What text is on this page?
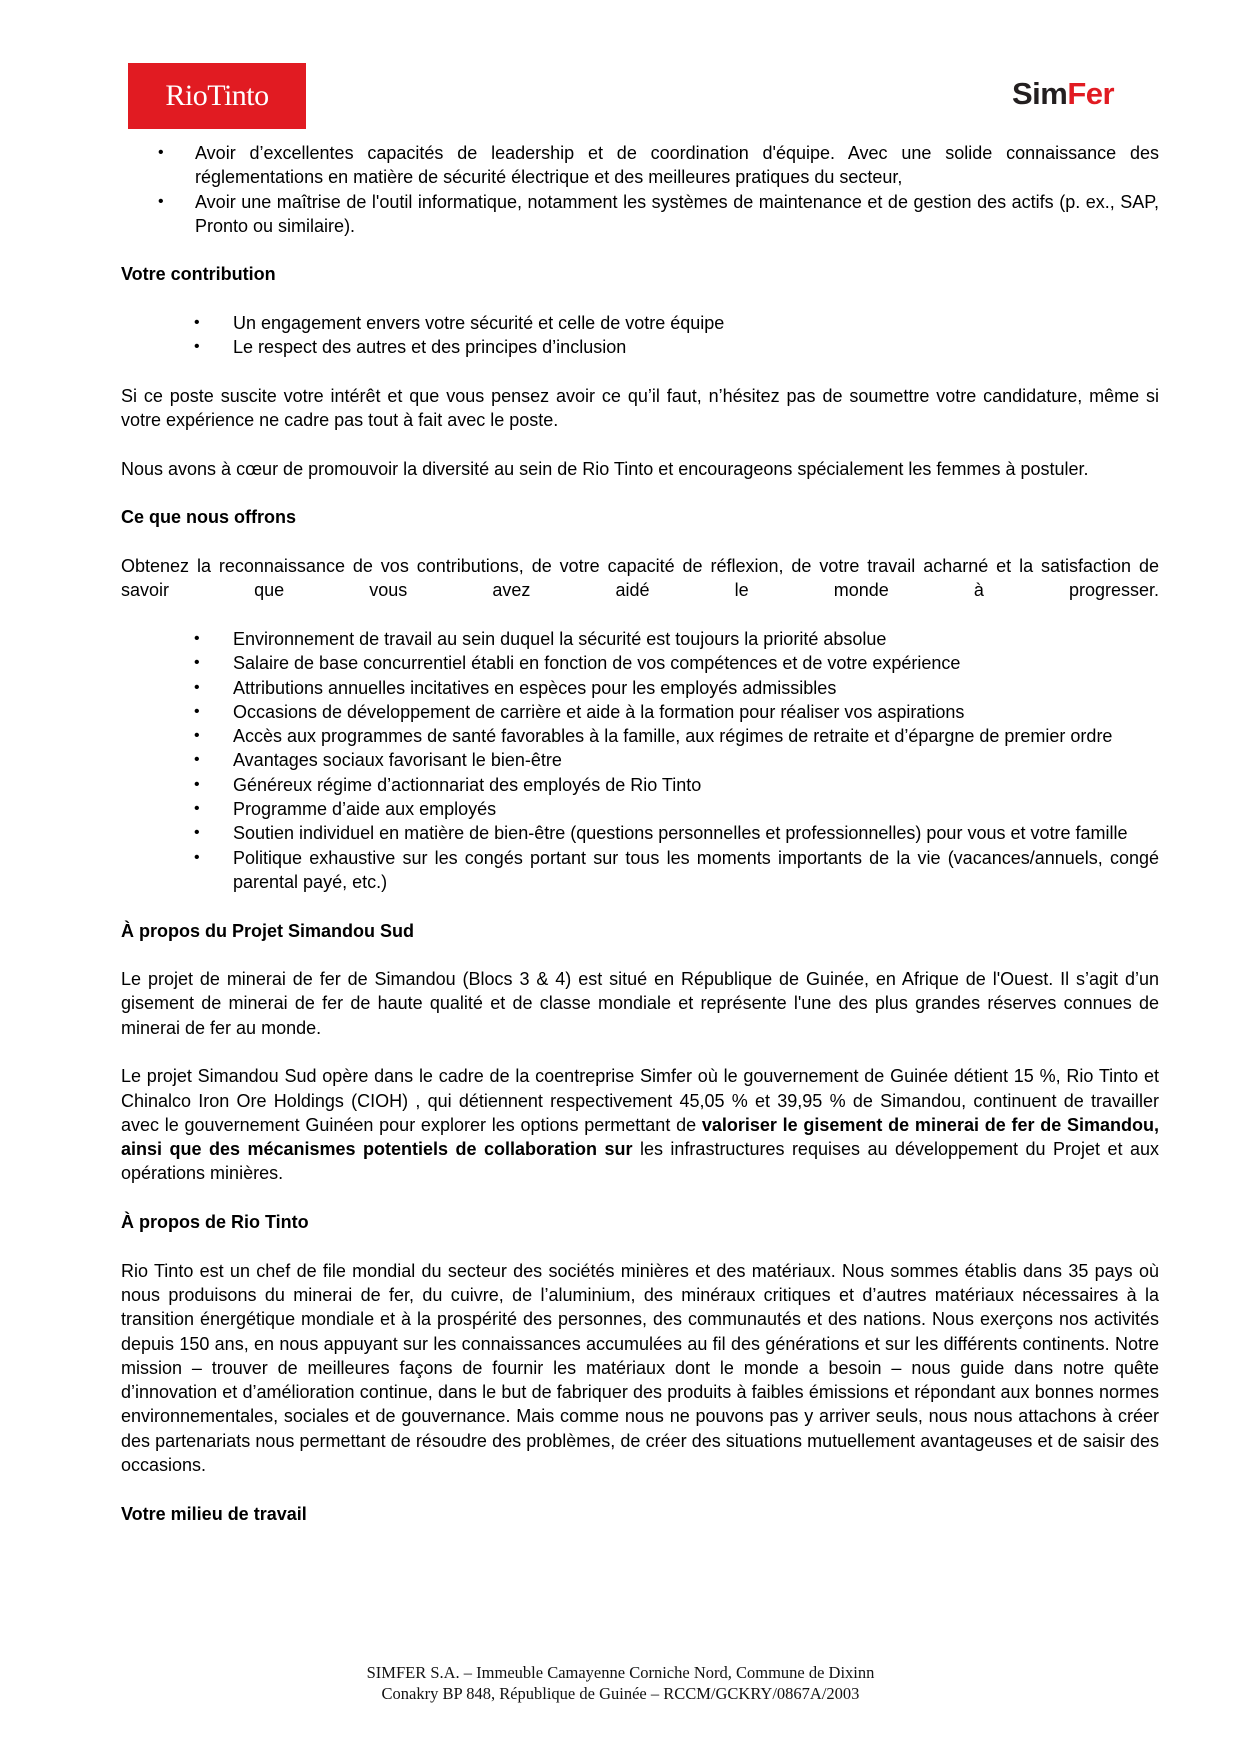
RioTinto	SimFer
• Avoir d’excellentes capacités de leadership et de coordination d'équipe. Avec une solide connaissance des réglementations en matière de sécurité électrique et des meilleures pratiques du secteur,
• Avoir une maîtrise de l'outil informatique, notamment les systèmes de maintenance et de gestion des actifs (p. ex., SAP, Pronto ou similaire).
Votre contribution
• Un engagement envers votre sécurité et celle de votre équipe
• Le respect des autres et des principes d’inclusion

Si ce poste suscite votre intérêt et que vous pensez avoir ce qu’il faut, n’hésitez pas de soumettre votre candidature, même si votre expérience ne cadre pas tout à fait avec le poste.

Nous avons à cœur de promouvoir la diversité au sein de Rio Tinto et encourageons spécialement les femmes à postuler.

Ce que nous offrons

Obtenez la reconnaissance de vos contributions, de votre capacité de réflexion, de votre travail acharné et la satisfaction de savoir que vous avez aidé le monde à progresser.

• Environnement de travail au sein duquel la sécurité est toujours la priorité absolue
• Salaire de base concurrentiel établi en fonction de vos compétences et de votre expérience
• Attributions annuelles incitatives en espèces pour les employés admissibles
• Occasions de développement de carrière et aide à la formation pour réaliser vos aspirations
• Accès aux programmes de santé favorables à la famille, aux régimes de retraite et d’épargne de premier ordre
• Avantages sociaux favorisant le bien-être
• Généreux régime d’actionnariat des employés de Rio Tinto
• Programme d’aide aux employés
• Soutien individuel en matière de bien-être (questions personnelles et professionnelles) pour vous et votre famille
• Politique exhaustive sur les congés portant sur tous les moments importants de la vie (vacances/annuels, congé parental payé, etc.)
À propos du Projet Simandou Sud

Le projet de minerai de fer de Simandou (Blocs 3 & 4) est situé en République de Guinée, en Afrique de l'Ouest. Il s’agit d’un gisement de minerai de fer de haute qualité et de classe mondiale et représente l'une des plus grandes réserves connues de minerai de fer au monde.

Le projet Simandou Sud opère dans le cadre de la coentreprise Simfer où le gouvernement de Guinée détient 15 %, Rio Tinto et Chinalco Iron Ore Holdings (CIOH) , qui détiennent respectivement 45,05 % et 39,95 % de Simandou, continuent de travailler avec le gouvernement Guinéen pour explorer les options permettant de valoriser le gisement de minerai de fer de Simandou, ainsi que des mécanismes potentiels de collaboration sur les infrastructures requises au développement du Projet et aux opérations minières.

À propos de Rio Tinto

Rio Tinto est un chef de file mondial du secteur des sociétés minières et des matériaux. Nous sommes établis dans 35 pays où nous produisons du minerai de fer, du cuivre, de l’aluminium, des minéraux critiques et d’autres matériaux nécessaires à la transition énergétique mondiale et à la prospérité des personnes, des communautés et des nations. Nous exerçons nos activités depuis 150 ans, en nous appuyant sur les connaissances accumulées au fil des générations et sur les différents continents. Notre mission – trouver de meilleures façons de fournir les matériaux dont le monde a besoin – nous guide dans notre quête d’innovation et d’amélioration continue, dans le but de fabriquer des produits à faibles émissions et répondant aux bonnes normes environnementales, sociales et de gouvernance. Mais comme nous ne pouvons pas y arriver seuls, nous nous attachons à créer des partenariats nous permettant de résoudre des problèmes, de créer des situations mutuellement avantageuses et de saisir des occasions.

Votre milieu de travail
SIMFER S.A. – Immeuble Camayenne Corniche Nord, Commune de Dixinn
Conakry BP 848, République de Guinée – RCCM/GCKRY/0867A/2003
